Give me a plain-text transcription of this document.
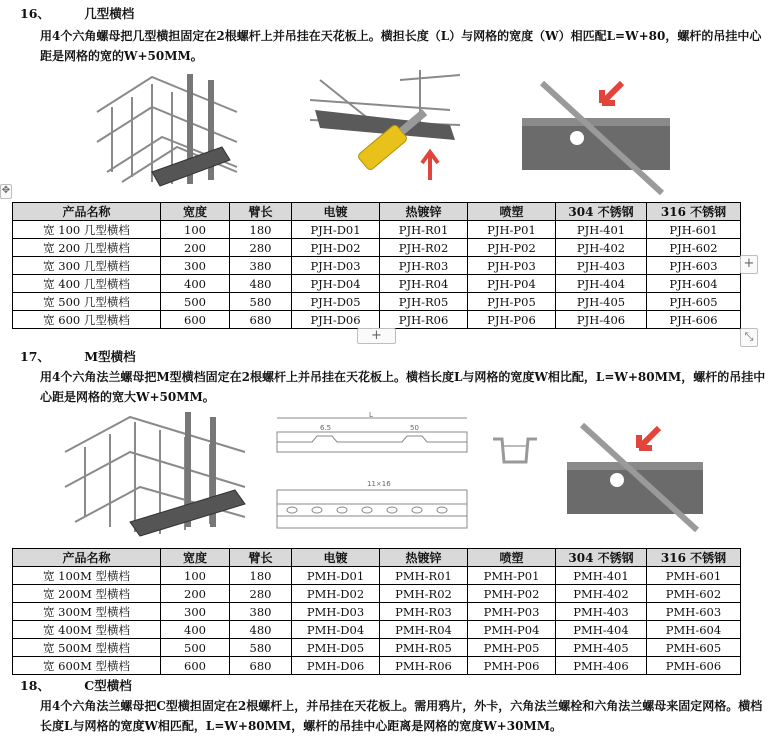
16、	几型横档
用4个六角螺母把几型横担固定在2根螺杆上并吊挂在天花板上。横担长度（L）与网格的宽度（W）相匹配L=W+80，螺杆的吊挂中心距是网格的宽的W+50MM。
✥
产品名称	宽度	臂长	电镀	热镀锌	喷塑	304 不锈钢	316 不锈钢
宽 100 几型横档	100	180	PJH-D01	PJH-R01	PJH-P01	PJH-401	PJH-601
宽 200 几型横档	200	280	PJH-D02	PJH-R02	PJH-P02	PJH-402	PJH-602
宽 300 几型横档	300	380	PJH-D03	PJH-R03	PJH-P03	PJH-403	PJH-603
宽 400 几型横档	400	480	PJH-D04	PJH-R04	PJH-P04	PJH-404	PJH-604
宽 500 几型横档	500	580	PJH-D05	PJH-R05	PJH-P05	PJH-405	PJH-605
宽 600 几型横档	600	680	PJH-D06	PJH-R06	PJH-P06	PJH-406	PJH-606
+
+	⤡
17、	M型横档
用4个六角法兰螺母把M型横档固定在2根螺杆上并吊挂在天花板上。横档长度L与网格的宽度W相比配，L=W+80MM，螺杆的吊挂中心距是网格的宽大W+50MM。
L
6.5	50
11×16
产品名称	宽度	臂长	电镀	热镀锌	喷塑	304 不锈钢	316 不锈钢
宽 100M 型横档	100	180	PMH-D01	PMH-R01	PMH-P01	PMH-401	PMH-601
宽 200M 型横档	200	280	PMH-D02	PMH-R02	PMH-P02	PMH-402	PMH-602
宽 300M 型横档	300	380	PMH-D03	PMH-R03	PMH-P03	PMH-403	PMH-603
宽 400M 型横档	400	480	PMH-D04	PMH-R04	PMH-P04	PMH-404	PMH-604
宽 500M 型横档	500	580	PMH-D05	PMH-R05	PMH-P05	PMH-405	PMH-605
宽 600M 型横档	600	680	PMH-D06	PMH-R06	PMH-P06	PMH-406	PMH-606
18、	C型横档
用4个六角法兰螺母把C型横担固定在2根螺杆上，并吊挂在天花板上。需用鸦片，外卡，六角法兰螺栓和六角法兰螺母来固定网格。横档长度L与网格的宽度W相匹配，L=W+80MM，螺杆的吊挂中心距离是网格的宽度W+30MM。
